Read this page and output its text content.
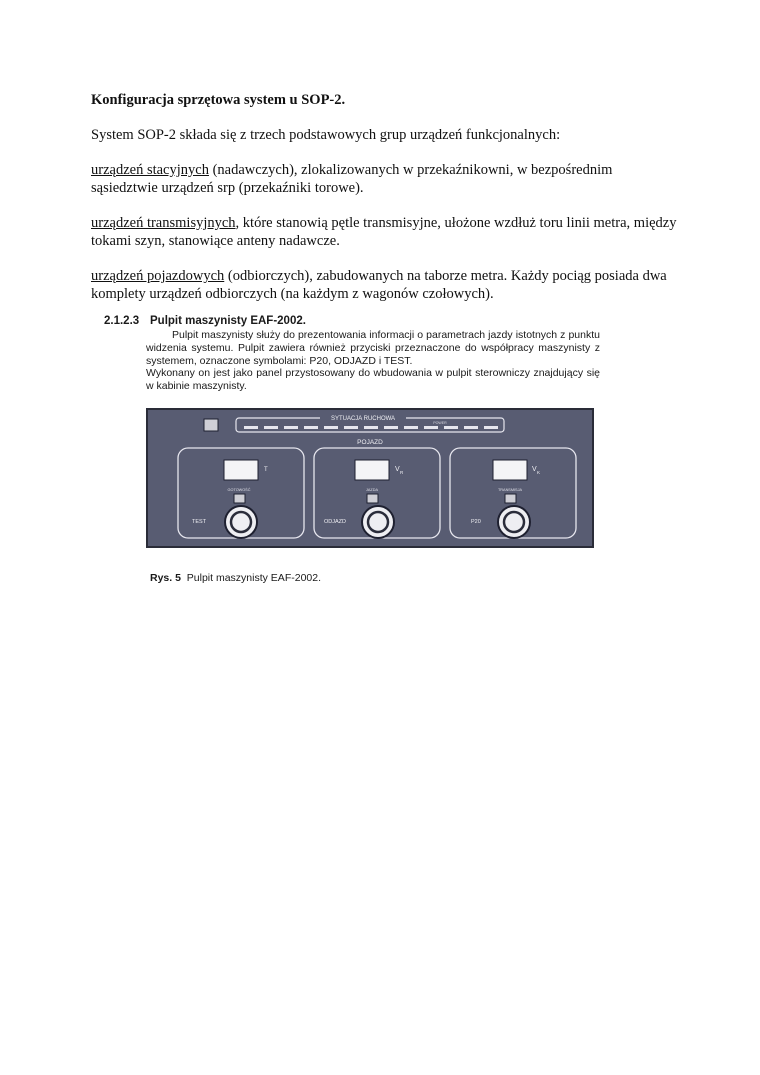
Konfiguracja sprzętowa system u SOP-2.
System SOP-2 składa się z trzech podstawowych grup urządzeń funkcjonalnych:
urządzeń stacyjnych (nadawczych), zlokalizowanych w przekaźnikowni, w bezpośrednim sąsiedztwie urządzeń srp (przekaźniki torowe).
urządzeń transmisyjnych, które stanowią pętle transmisyjne, ułożone wzdłuż toru linii metra, między tokami szyn, stanowiące anteny nadawcze.
urządzeń pojazdowych (odbiorczych), zabudowanych na taborze metra. Każdy pociąg posiada dwa komplety urządzeń odbiorczych (na każdym z wagonów czołowych).
2.1.2.3 Pulpit maszynisty EAF-2002.

Pulpit maszynisty służy do prezentowania informacji o parametrach jazdy istotnych z punktu widzenia systemu. Pulpit zawiera również przyciski przeznaczone do współpracy maszynisty z systemem, oznaczone symbolami: P20, ODJAZD i TEST.

Wykonany on jest jako panel przystosowany do wbudowania w pulpit sterowniczy znajdujący się w kabinie maszynisty.

SYTUACJA RUCHOWA
POWER
POJAZD
T
GOTOWOŚĆ
TEST
V R
JAZDA
ODJAZD
V K
TRANSMISJA
P20
Rys. 5 Pulpit maszynisty EAF-2002.
